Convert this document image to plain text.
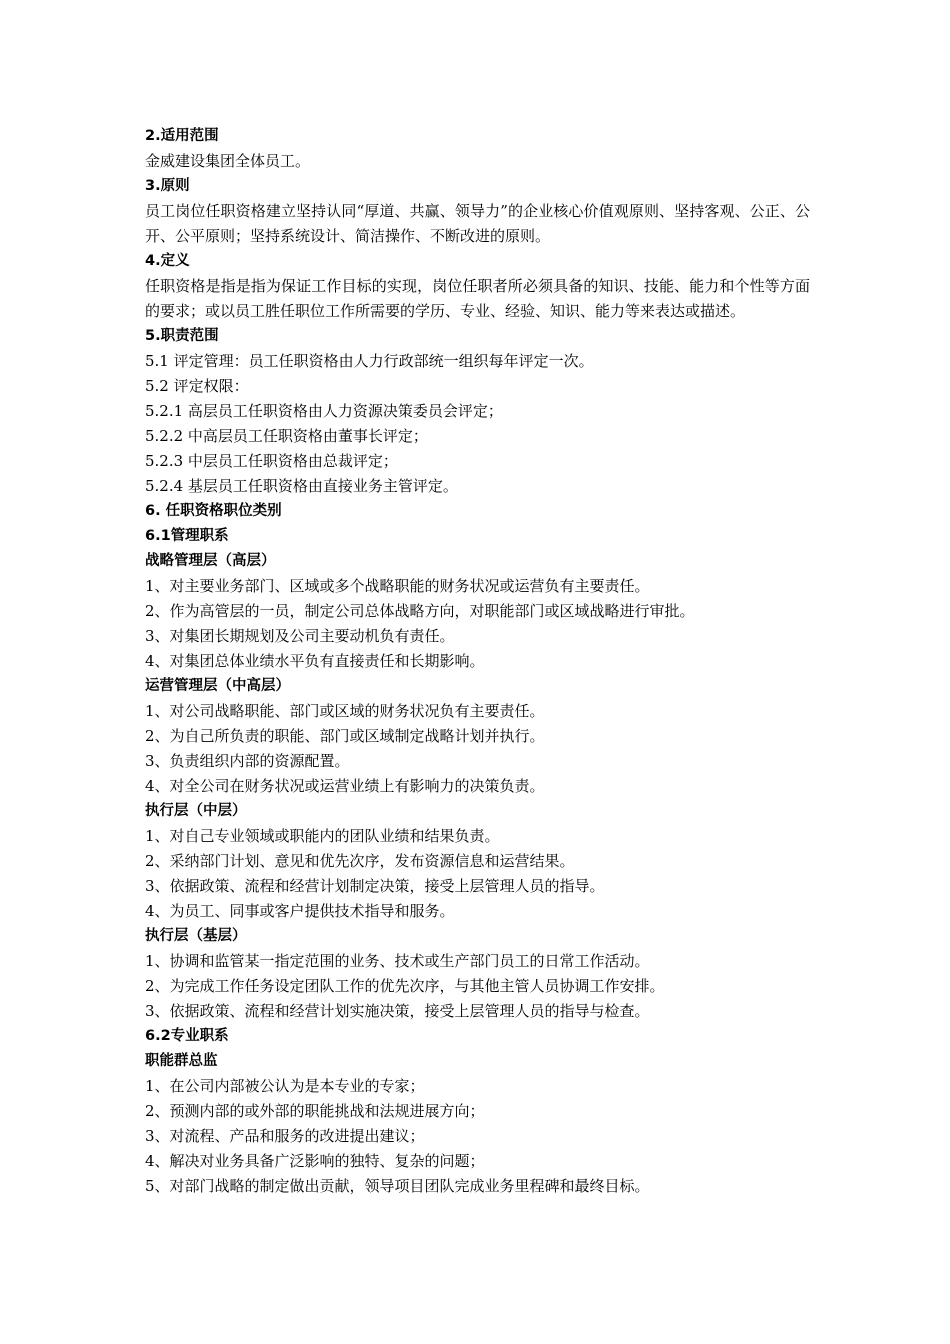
2.适用范围

金威建设集团全体员工。

3.原则

员工岗位任职资格建立坚持认同“厚道、共赢、领导力”的企业核心价值观原则、坚持客观、公正、公开、公平原则；坚持系统设计、简洁操作、不断改进的原则。

4.定义

任职资格是指是指为保证工作目标的实现，岗位任职者所必须具备的知识、技能、能力和个性等方面的要求；或以员工胜任职位工作所需要的学历、专业、经验、知识、能力等来表达或描述。

5.职责范围

5.1 评定管理：员工任职资格由人力行政部统一组织每年评定一次。

5.2 评定权限：

5.2.1 高层员工任职资格由人力资源决策委员会评定；

5.2.2 中高层员工任职资格由董事长评定；

5.2.3 中层员工任职资格由总裁评定；

5.2.4 基层员工任职资格由直接业务主管评定。

6. 任职资格职位类别

6.1管理职系

战略管理层（高层）

1、对主要业务部门、区域或多个战略职能的财务状况或运营负有主要责任。

2、作为高管层的一员，制定公司总体战略方向，对职能部门或区域战略进行审批。

3、对集团长期规划及公司主要动机负有责任。

4、对集团总体业绩水平负有直接责任和长期影响。

运营管理层（中高层）

1、对公司战略职能、部门或区域的财务状况负有主要责任。

2、为自己所负责的职能、部门或区域制定战略计划并执行。

3、负责组织内部的资源配置。

4、对全公司在财务状况或运营业绩上有影响力的决策负责。

执行层（中层）

1、对自己专业领域或职能内的团队业绩和结果负责。

2、采纳部门计划、意见和优先次序，发布资源信息和运营结果。

3、依据政策、流程和经营计划制定决策，接受上层管理人员的指导。

4、为员工、同事或客户提供技术指导和服务。

执行层（基层）

1、协调和监管某一指定范围的业务、技术或生产部门员工的日常工作活动。

2、为完成工作任务设定团队工作的优先次序，与其他主管人员协调工作安排。

3、依据政策、流程和经营计划实施决策，接受上层管理人员的指导与检查。

6.2专业职系

职能群总监

1、在公司内部被公认为是本专业的专家；

2、预测内部的或外部的职能挑战和法规进展方向；

3、对流程、产品和服务的改进提出建议；

4、解决对业务具备广泛影响的独特、复杂的问题；

5、对部门战略的制定做出贡献，领导项目团队完成业务里程碑和最终目标。
